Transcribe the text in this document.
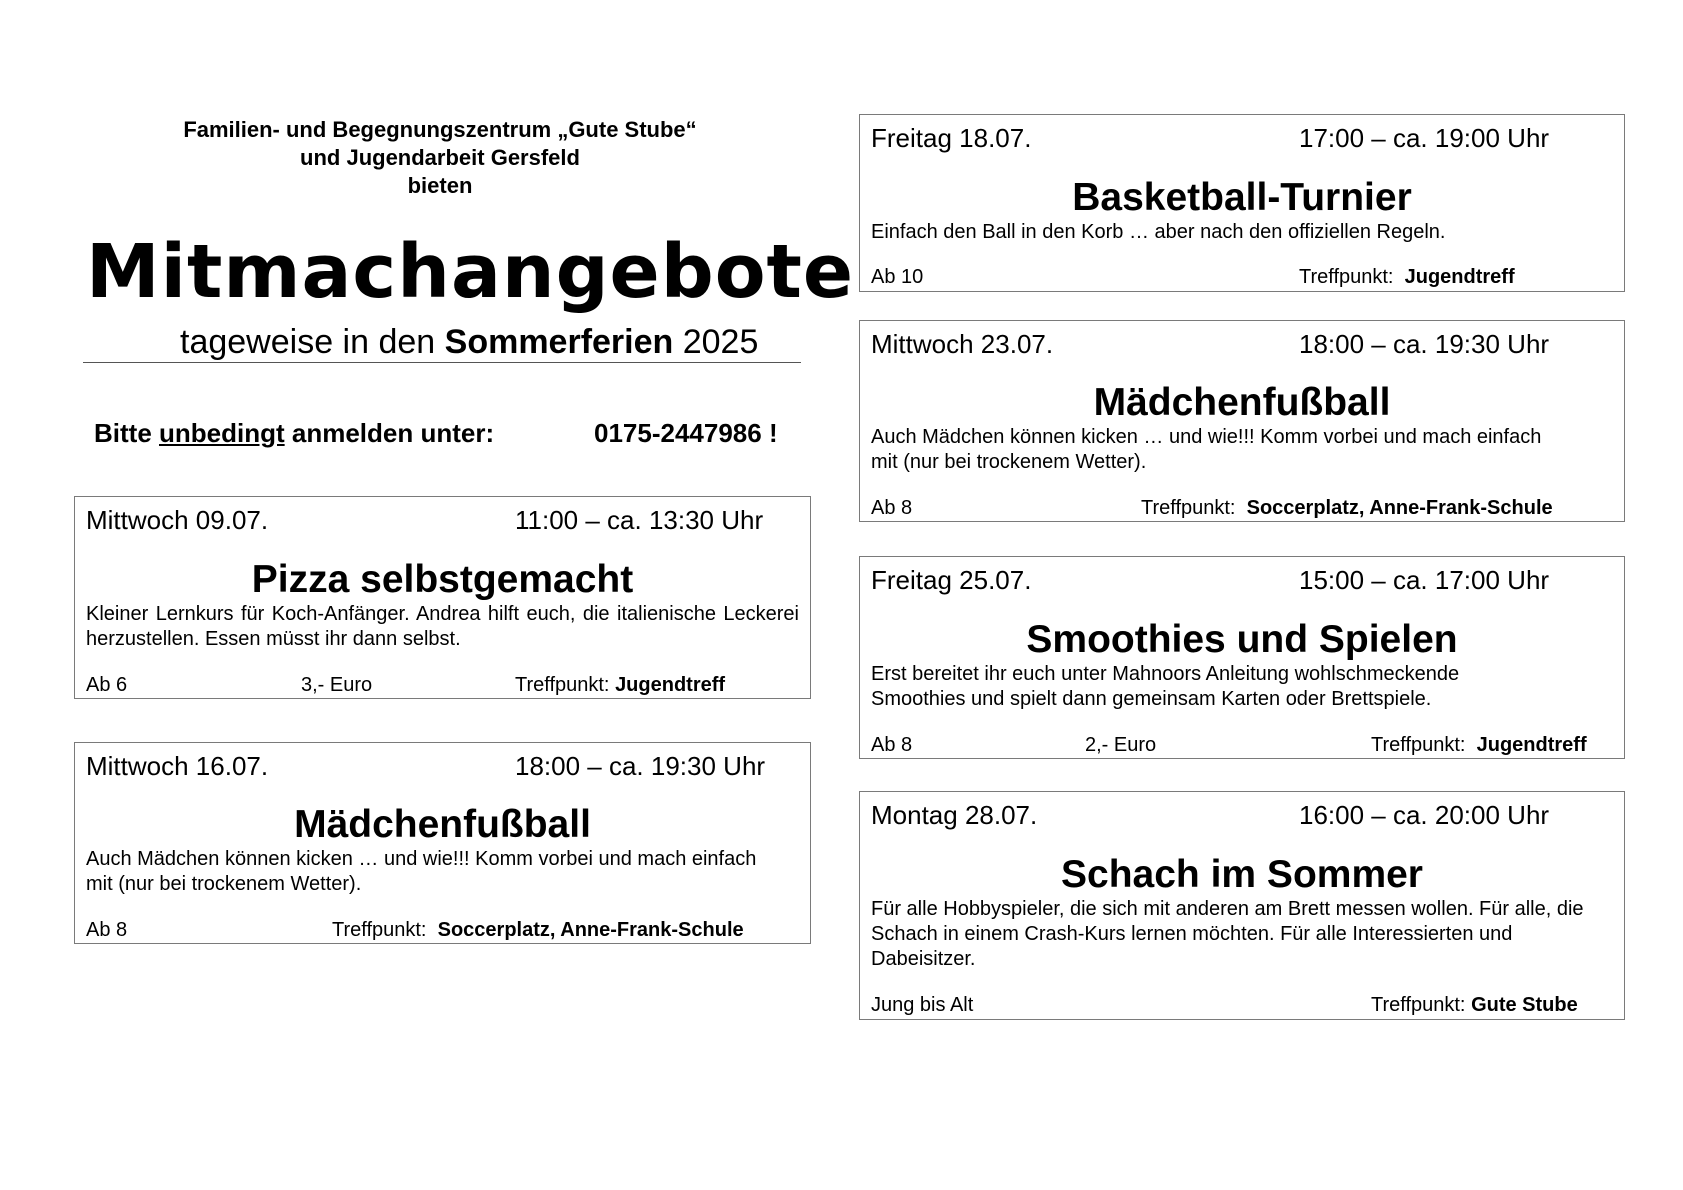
Familien- und Begegnungszentrum „Gute Stube“
und Jugendarbeit Gersfeld
bieten
Mitmachangebote
tageweise in den Sommerferien 2025
Bitte unbedingt anmelden unter:	0175-2447986 !
Mittwoch 09.07.	11:00 – ca. 13:30 Uhr
Pizza selbstgemacht
Kleiner Lernkurs für Koch-Anfänger. Andrea hilft euch, die italienische Leckerei herzustellen. Essen müsst ihr dann selbst.
Ab 6	3,- Euro	Treffpunkt: Jugendtreff
Mittwoch 16.07.	18:00 – ca. 19:30 Uhr
Mädchenfußball
Auch Mädchen können kicken … und wie!!! Komm vorbei und mach einfach mit (nur bei trockenem Wetter).
Ab 8	Treffpunkt: Soccerplatz, Anne-Frank-Schule
Freitag 18.07.	17:00 – ca. 19:00 Uhr
Basketball-Turnier
Einfach den Ball in den Korb … aber nach den offiziellen Regeln.
Ab 10	Treffpunkt: Jugendtreff
Mittwoch 23.07.	18:00 – ca. 19:30 Uhr
Mädchenfußball
Auch Mädchen können kicken … und wie!!! Komm vorbei und mach einfach mit (nur bei trockenem Wetter).
Ab 8	Treffpunkt: Soccerplatz, Anne-Frank-Schule
Freitag 25.07.	15:00 – ca. 17:00 Uhr
Smoothies und Spielen
Erst bereitet ihr euch unter Mahnoors Anleitung wohlschmeckende Smoothies und spielt dann gemeinsam Karten oder Brettspiele.
Ab 8	2,- Euro	Treffpunkt: Jugendtreff
Montag 28.07.	16:00 – ca. 20:00 Uhr
Schach im Sommer
Für alle Hobbyspieler, die sich mit anderen am Brett messen wollen. Für alle, die Schach in einem Crash-Kurs lernen möchten. Für alle Interessierten und Dabeisitzer.
Jung bis Alt	Treffpunkt: Gute Stube
